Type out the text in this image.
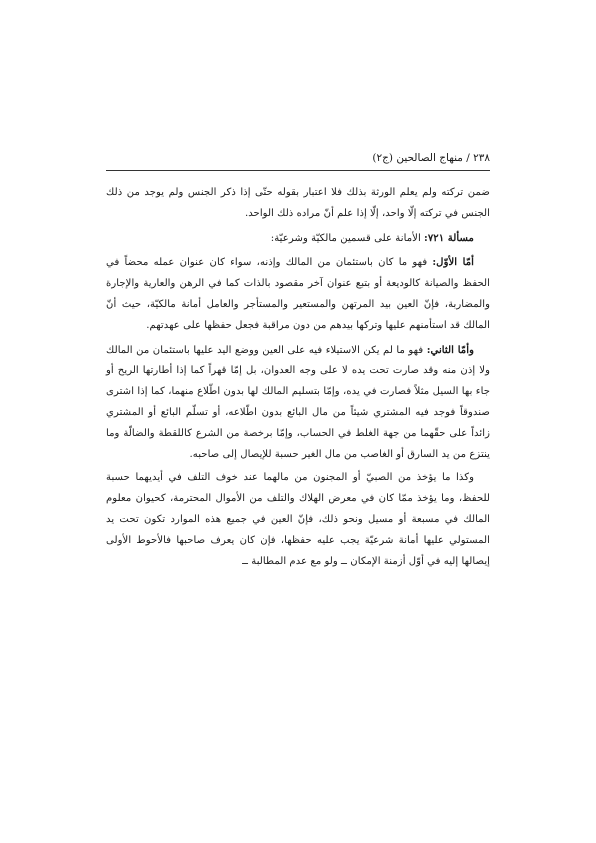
٢٣٨ / منهاج الصالحين (ج٢)

ضمن تركته ولم يعلم الورثة بذلك فلا اعتبار بقوله حتّى إذا ذكر الجنس ولم يوجد من ذلك الجنس في تركته إلّا واحد، إلّا إذا علم أنّ مراده ذلك الواحد.

مسألة ٧٢١: الأمانة على قسمين مالكيّة وشرعيّة:

أمّا الأوّل: فهو ما كان باستئمان من المالك وإذنه، سواء كان عنوان عمله محضاً في الحفظ والصيانة كالوديعة أو بتبع عنوان آخر مقصود بالذات كما في الرهن والعارية والإجارة والمضاربة، فإنّ العين بيد المرتهن والمستعير والمستأجر والعامل أمانة مالكيّة، حيث أنّ المالك قد استأمنهم عليها وتركها بيدهم من دون مراقبة فجعل حفظها على عهدتهم.

وأمّا الثاني: فهو ما لم يكن الاستيلاء فيه على العين ووضع اليد عليها باستئمان من المالك ولا إذن منه وقد صارت تحت يده لا على وجه العدوان، بل إمّا قهراً كما إذا أطارتها الريح أو جاء بها السيل مثلاً فصارت في يده، وإمّا بتسليم المالك لها بدون اطّلاع منهما، كما إذا اشترى صندوقاً فوجد فيه المشتري شيئاً من مال البائع بدون اطّلاعه، أو تسلّم البائع أو المشتري زائداً على حقّهما من جهة الغلط في الحساب، وإمّا برخصة من الشرع كاللقطة والضالّة وما ينتزع من يد السارق أو الغاصب من مال الغير حسبة للإيصال إلى صاحبه.

وكذا ما يؤخذ من الصبيّ أو المجنون من مالهما عند خوف التلف في أيديهما حسبة للحفظ، وما يؤخذ ممّا كان في معرض الهلاك والتلف من الأموال المحترمة، كحيوان معلوم المالك في مسبعة أو مسيل ونحو ذلك، فإنّ العين في جميع هذه الموارد تكون تحت يد المستولي عليها أمانة شرعيّة يجب عليه حفظها، فإن كان يعرف صاحبها فالأحوط الأولى إيصالها إليه في أوّل أزمنة الإمكان ــ ولو مع عدم المطالبة ــ
